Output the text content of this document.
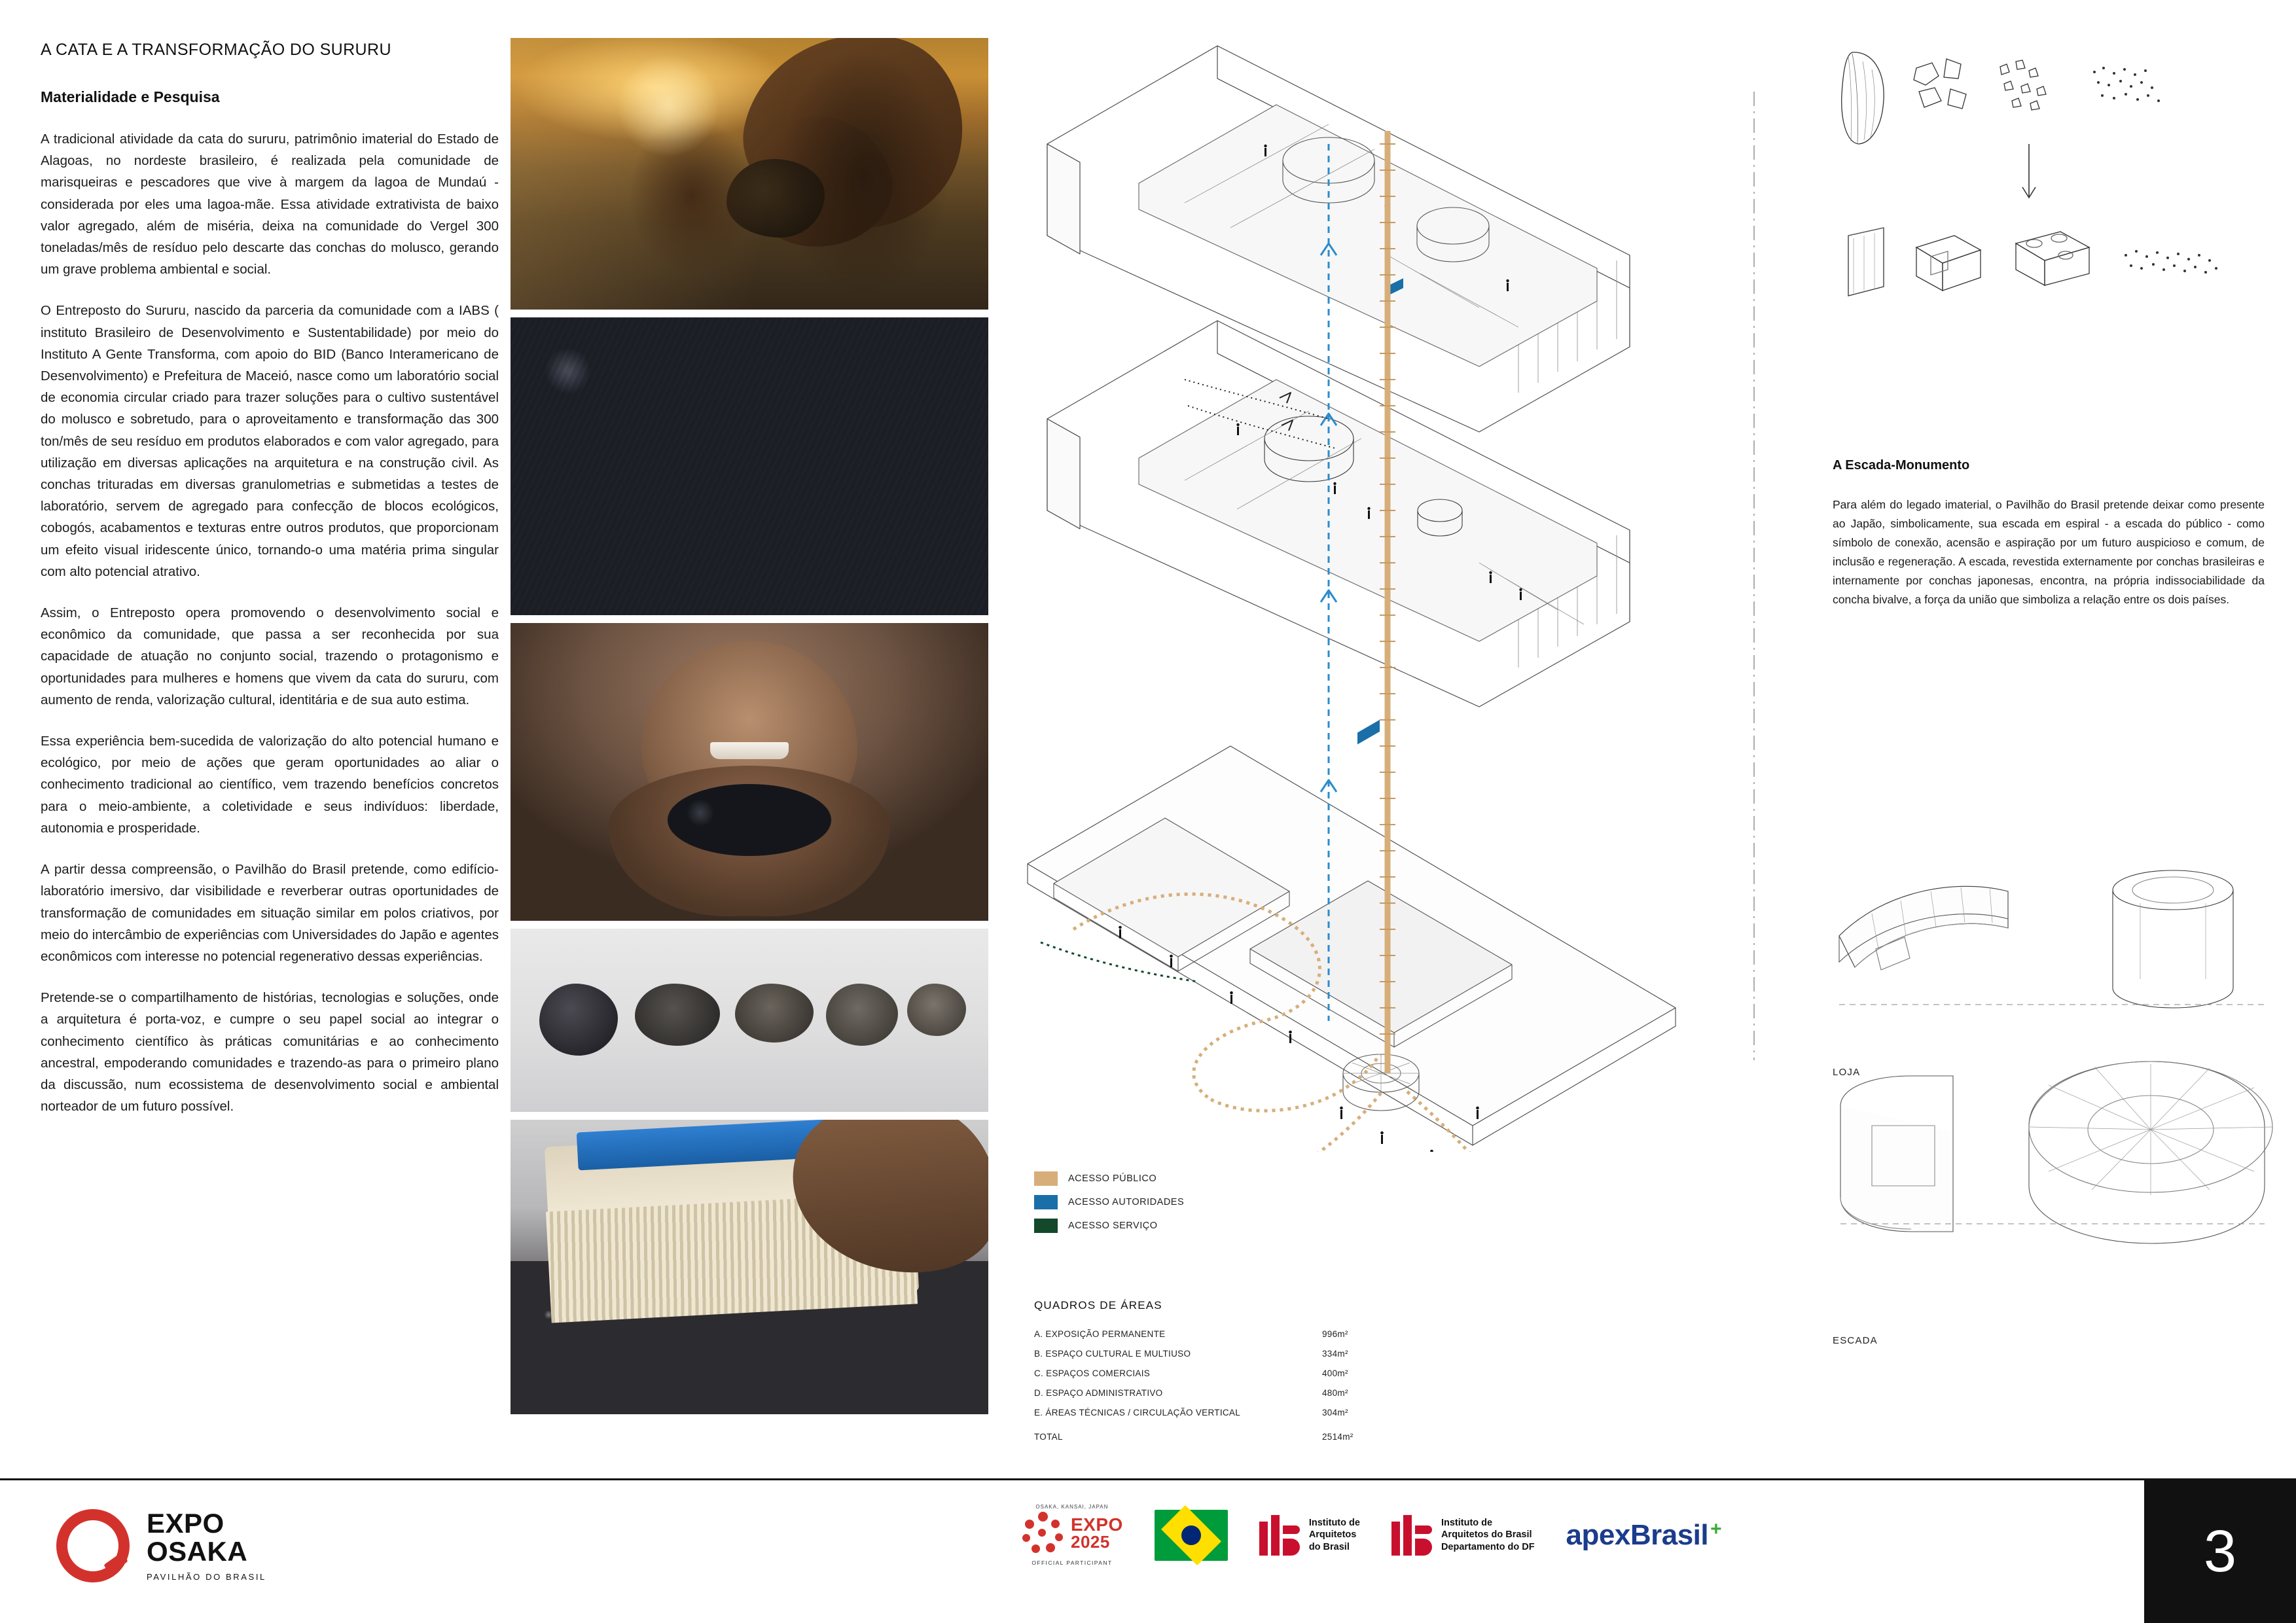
A CATA E A TRANSFORMAÇÃO DO SURURU
Materialidade e Pesquisa

A tradicional atividade da cata do sururu, patrimônio imaterial do Estado de Alagoas, no nordeste brasileiro, é realizada pela comunidade de marisqueiras e pescadores que vive à margem da lagoa de Mundaú - considerada por eles uma lagoa-mãe. Essa atividade extrativista de baixo valor agregado, além de miséria, deixa na comunidade do Vergel 300 toneladas/mês de resíduo pelo descarte das conchas do molusco, gerando um grave problema ambiental e social.

O Entreposto do Sururu, nascido da parceria da comunidade com a IABS ( instituto Brasileiro de Desenvolvimento e Sustentabilidade) por meio do Instituto A Gente Transforma, com apoio do BID (Banco Interamericano de Desenvolvimento) e Prefeitura de Maceió, nasce como um laboratório social de economia circular criado para trazer soluções para o cultivo sustentável do molusco e sobretudo, para o aproveitamento e transformação das 300 ton/mês de seu resíduo em produtos elaborados e com valor agregado, para utilização em diversas aplicações na arquitetura e na construção civil. As conchas trituradas em diversas granulometrias e submetidas a testes de laboratório, servem de agregado para confecção de blocos ecológicos, cobogós, acabamentos e texturas entre outros produtos, que proporcionam um efeito visual iridescente único, tornando-o uma matéria prima singular com alto potencial atrativo.

Assim, o Entreposto opera promovendo o desenvolvimento social e econômico da comunidade, que passa a ser reconhecida por sua capacidade de atuação no conjunto social, trazendo o protagonismo e oportunidades para mulheres e homens que vivem da cata do sururu, com aumento de renda, valorização cultural, identitária e de sua auto estima.

Essa experiência bem-sucedida de valorização do alto potencial humano e ecológico, por meio de ações que geram oportunidades ao aliar o conhecimento tradicional ao científico, vem trazendo benefícios concretos para o meio-ambiente, a coletividade e seus indivíduos: liberdade, autonomia e prosperidade.

A partir dessa compreensão, o Pavilhão do Brasil pretende, como edifício-laboratório imersivo, dar visibilidade e reverberar outras oportunidades de transformação de comunidades em situação similar em polos criativos, por meio do intercâmbio de experiências com Universidades do Japão e agentes econômicos com interesse no potencial regenerativo dessas experiências.

Pretende-se o compartilhamento de histórias, tecnologias e soluções, onde a arquitetura é porta-voz, e cumpre o seu papel social ao integrar o conhecimento científico às práticas comunitárias e ao conhecimento ancestral, empoderando comunidades e trazendo-as para o primeiro plano da discussão, num ecossistema de desenvolvimento social e ambiental norteador de um futuro possível.

ACESSO PÚBLICO
ACESSO AUTORIDADES
ACESSO SERVIÇO
QUADROS DE ÁREAS
A. EXPOSIÇÃO PERMANENTE	996m²
B. ESPAÇO CULTURAL E MULTIUSO	334m²
C. ESPAÇOS COMERCIAIS	400m²
D. ESPAÇO ADMINISTRATIVO	480m²
E. ÁREAS TÉCNICAS / CIRCULAÇÃO VERTICAL	304m²
TOTAL	2514m²
A Escada-Monumento

Para além do legado imaterial, o Pavilhão do Brasil pretende deixar como presente ao Japão, simbolicamente, sua escada em espiral - a escada do público - como símbolo de conexão, acensão e aspiração por um futuro auspicioso e comum, de inclusão e regeneração. A escada, revestida externamente por conchas brasileiras e internamente por conchas japonesas, encontra, na própria indissociabilidade da concha bivalve, a força da união que simboliza a relação entre os dois países.

LOJA
ESCADA
EXPO
OSAKA
PAVILHÃO DO BRASIL
OSAKA, KANSAI, JAPAN
EXPO
2025
OFFICIAL PARTICIPANT
Instituto de
Arquitetos
do Brasil
Instituto de
Arquitetos do Brasil
Departamento do DF apexBrasil +	3
